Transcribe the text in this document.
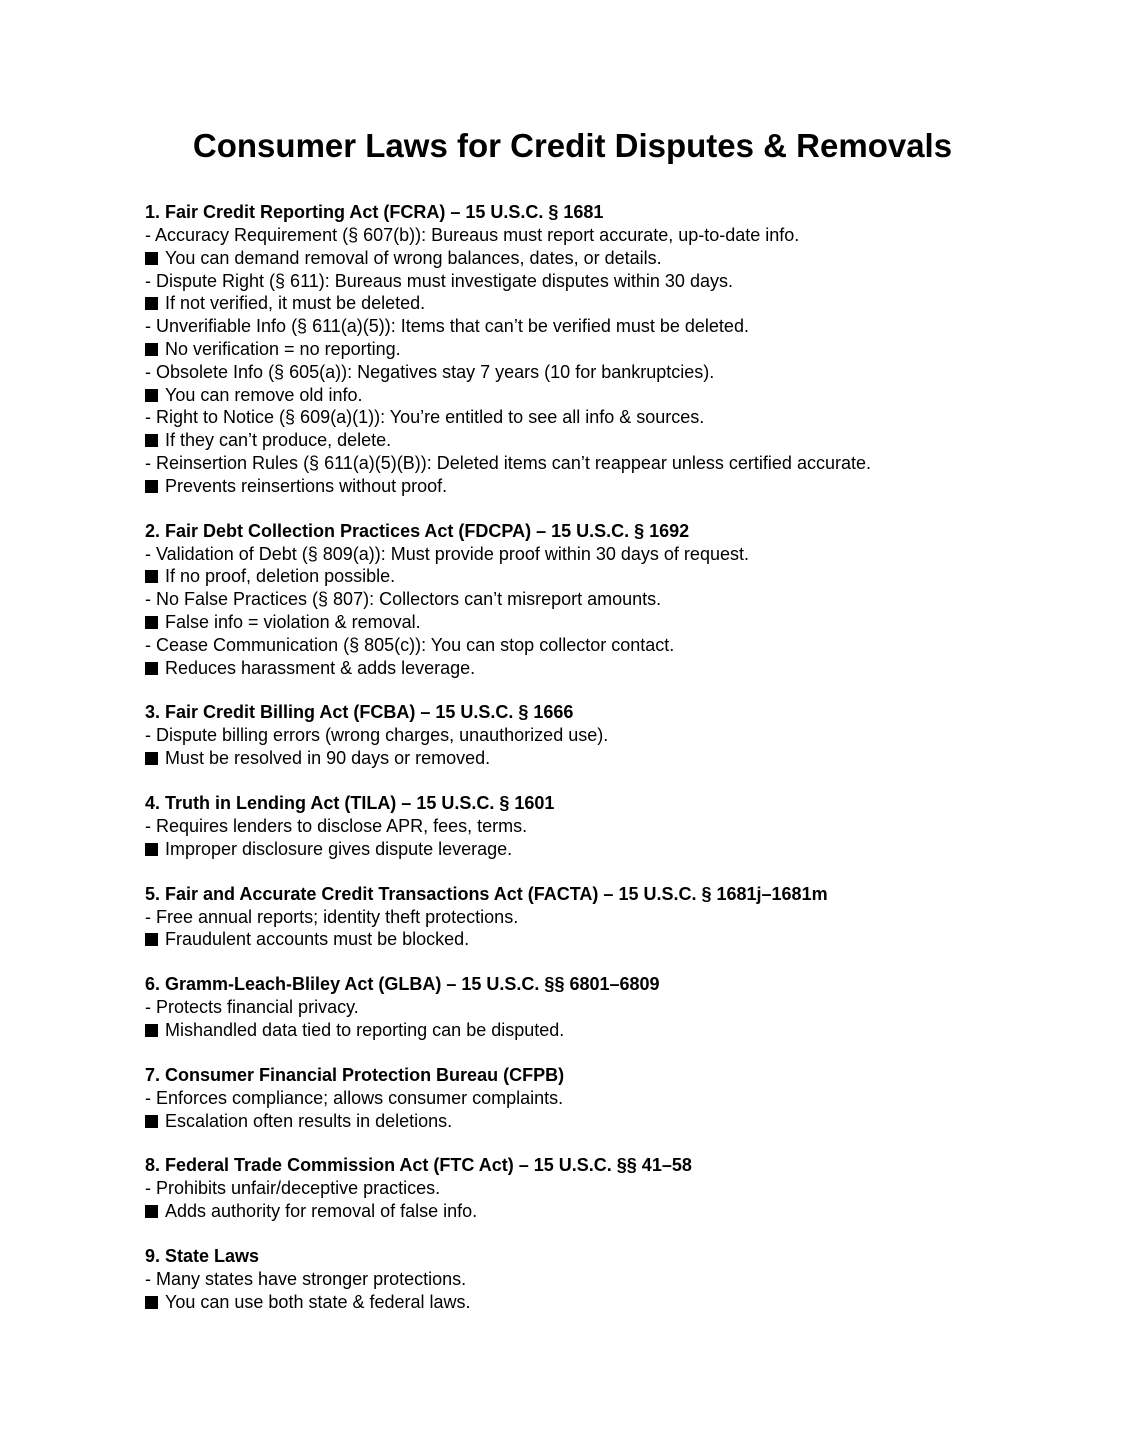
Consumer Laws for Credit Disputes & Removals
1. Fair Credit Reporting Act (FCRA) – 15 U.S.C. § 1681
- Accuracy Requirement (§ 607(b)): Bureaus must report accurate, up-to-date info.
You can demand removal of wrong balances, dates, or details.
- Dispute Right (§ 611): Bureaus must investigate disputes within 30 days.
If not verified, it must be deleted.
- Unverifiable Info (§ 611(a)(5)): Items that can’t be verified must be deleted.
No verification = no reporting.
- Obsolete Info (§ 605(a)): Negatives stay 7 years (10 for bankruptcies).
You can remove old info.
- Right to Notice (§ 609(a)(1)): You’re entitled to see all info & sources.
If they can’t produce, delete.
- Reinsertion Rules (§ 611(a)(5)(B)): Deleted items can’t reappear unless certified accurate.
Prevents reinsertions without proof.
2. Fair Debt Collection Practices Act (FDCPA) – 15 U.S.C. § 1692
- Validation of Debt (§ 809(a)): Must provide proof within 30 days of request.
If no proof, deletion possible.
- No False Practices (§ 807): Collectors can’t misreport amounts.
False info = violation & removal.
- Cease Communication (§ 805(c)): You can stop collector contact.
Reduces harassment & adds leverage.
3. Fair Credit Billing Act (FCBA) – 15 U.S.C. § 1666
- Dispute billing errors (wrong charges, unauthorized use).
Must be resolved in 90 days or removed.
4. Truth in Lending Act (TILA) – 15 U.S.C. § 1601
- Requires lenders to disclose APR, fees, terms.
Improper disclosure gives dispute leverage.
5. Fair and Accurate Credit Transactions Act (FACTA) – 15 U.S.C. § 1681j–1681m
- Free annual reports; identity theft protections.
Fraudulent accounts must be blocked.
6. Gramm-Leach-Bliley Act (GLBA) – 15 U.S.C. §§ 6801–6809
- Protects financial privacy.
Mishandled data tied to reporting can be disputed.
7. Consumer Financial Protection Bureau (CFPB)
- Enforces compliance; allows consumer complaints.
Escalation often results in deletions.
8. Federal Trade Commission Act (FTC Act) – 15 U.S.C. §§ 41–58
- Prohibits unfair/deceptive practices.
Adds authority for removal of false info.
9. State Laws
- Many states have stronger protections.
You can use both state & federal laws.
